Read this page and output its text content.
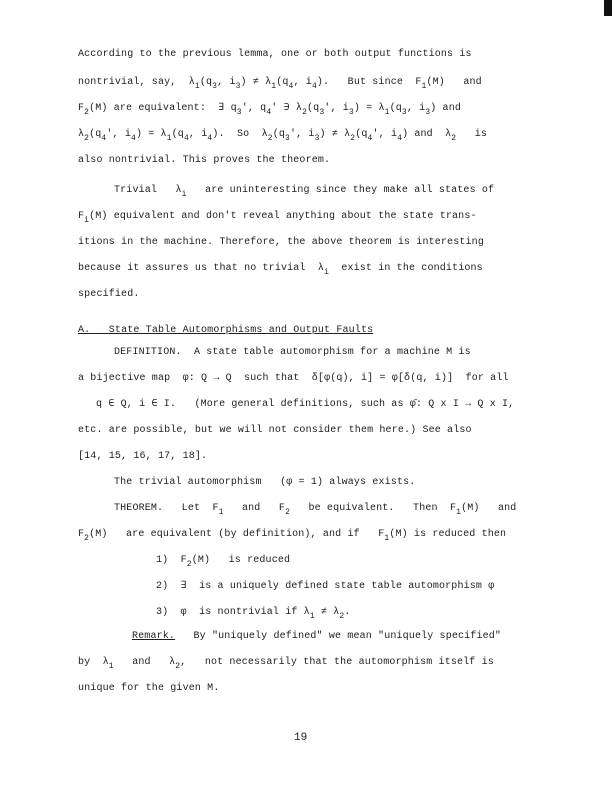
According to the previous lemma, one or both output functions is
nontrivial, say, $\lambda_1(q_3$, $i_3) \ne \lambda_1(q_4$, $i_4$). But since $F_1(M)$ and
$F_2(M)$ are equivalent: ∃ $q_3'$, $q_4'$ ∋ $\lambda_2(q_3'$, $i_3) = \lambda_1(q_3$, $i_3$) and
$\lambda_2(q_4'$, $i_4) = \lambda_1(q_4$, $i_4$). So $\lambda_2(q_3'$, $i_3) \ne \lambda_2(q_4'$, $i_4$) and $\lambda_2$ is
also nontrivial. This proves the theorem.
Trivial $\lambda_i$ are uninteresting since they make all states of
$F_i(M)$ equivalent and don't reveal anything about the state trans-
itions in the machine. Therefore, the above theorem is interesting
because it assures us that no trivial $\lambda_i$ exist in the conditions
specified.
A. State Table Automorphisms and Output Faults
DEFINITION. A state table automorphism for a machine M is
a bijective map φ: Q → Q such that δ[φ(q), i] = φ[δ(q, i)] for all
q ∈ Q, i ∈ I. (More general definitions, such as φ̄: Q x I → Q x I,
etc. are possible, but we will not consider them here.) See also
[14, 15, 16, 17, 18].
The trivial automorphism (φ = 1) always exists.
THEOREM. Let $F_1$ and $F_2$ be equivalent. Then $F_1(M)$ and
$F_2(M)$ are equivalent (by definition), and if $F_1(M)$ is reduced then
1) $F_2(M)$ is reduced
2) ∃ is a uniquely defined state table automorphism φ
3) φ is nontrivial if $\lambda_1 \ne \lambda_2$.
Remark. By "uniquely defined" we mean "uniquely specified"
by $\lambda_1$ and $\lambda_2$, not necessarily that the automorphism itself is
unique for the given M.
19
